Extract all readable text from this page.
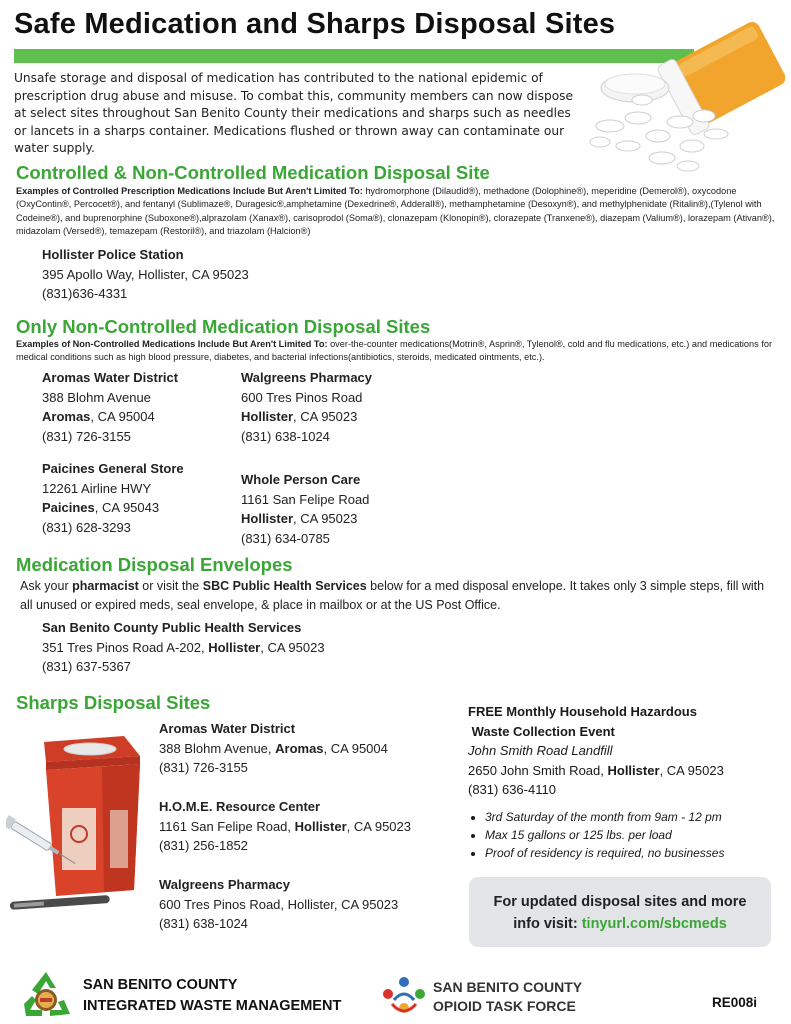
Safe Medication and Sharps Disposal Sites
Unsafe storage and disposal of medication has contributed to the national epidemic of prescription drug abuse and misuse. To combat this, community members can now dispose at select sites throughout San Benito County their medications and sharps such as needles or lancets in a sharps container. Medications flushed or thrown away can contaminate our water supply.
Controlled & Non-Controlled Medication Disposal Site
Examples of Controlled Prescription Medications Include But Aren't Limited To: hydromorphone (Dilaudid®), methadone (Dolophine®), meperidine (Demerol®), oxycodone (OxyContin®, Percocet®), and fentanyl (Sublimaze®, Duragesic®,amphetamine (Dexedrine®, Adderall®), methamphetamine (Desoxyn®), and methylphenidate (Ritalin®),(Tylenol with Codeine®), and buprenorphine (Suboxone®),alprazolam (Xanax®), carisoprodol (Soma®), clonazepam (Klonopin®), clorazepate (Tranxene®), diazepam (Valium®), lorazepam (Ativan®), midazolam (Versed®), temazepam (Restoril®), and triazolam (Halcion®)
Hollister Police Station
395 Apollo Way, Hollister, CA 95023
(831)636-4331
Only Non-Controlled Medication Disposal Sites
Examples of Non-Controlled Medications Include But Aren't Limited To: over-the-counter medications(Motrin®, Asprin®, Tylenol®, cold and flu medications, etc.) and medications for medical conditions such as high blood pressure, diabetes, and bacterial infections(antibiotics, steroids, medicated ointments, etc.).
Aromas Water District
388 Blohm Avenue
Aromas, CA 95004
(831) 726-3155
Walgreens Pharmacy
600 Tres Pinos Road
Hollister, CA 95023
(831) 638-1024
Paicines General Store
12261 Airline HWY
Paicines, CA 95043
(831) 628-3293
Whole Person Care
1161 San Felipe Road
Hollister, CA 95023
(831) 634-0785
Medication Disposal Envelopes
Ask your pharmacist or visit the SBC Public Health Services below for a med disposal envelope. It takes only 3 simple steps, fill with all unused or expired meds, seal envelope, & place in mailbox or at the US Post Office.
San Benito County Public Health Services
351 Tres Pinos Road A-202, Hollister, CA 95023
(831) 637-5367
Sharps Disposal Sites
Aromas Water District
388 Blohm Avenue, Aromas, CA 95004
(831) 726-3155
H.O.M.E. Resource Center
1161 San Felipe Road, Hollister, CA 95023
(831) 256-1852
Walgreens Pharmacy
600 Tres Pinos Road, Hollister, CA 95023
(831) 638-1024
FREE Monthly Household Hazardous
Waste Collection Event
John Smith Road Landfill
2650 John Smith Road, Hollister, CA 95023
(831) 636-4110
• 3rd Saturday of the month from 9am - 12 pm
• Max 15 gallons or 125 lbs. per load
• Proof of residency is required, no businesses
For updated disposal sites and more
info visit: tinyurl.com/sbcmeds
SAN BENITO COUNTY
INTEGRATED WASTE MANAGEMENT
SAN BENITO COUNTY
OPIOID TASK FORCE	RE008i
